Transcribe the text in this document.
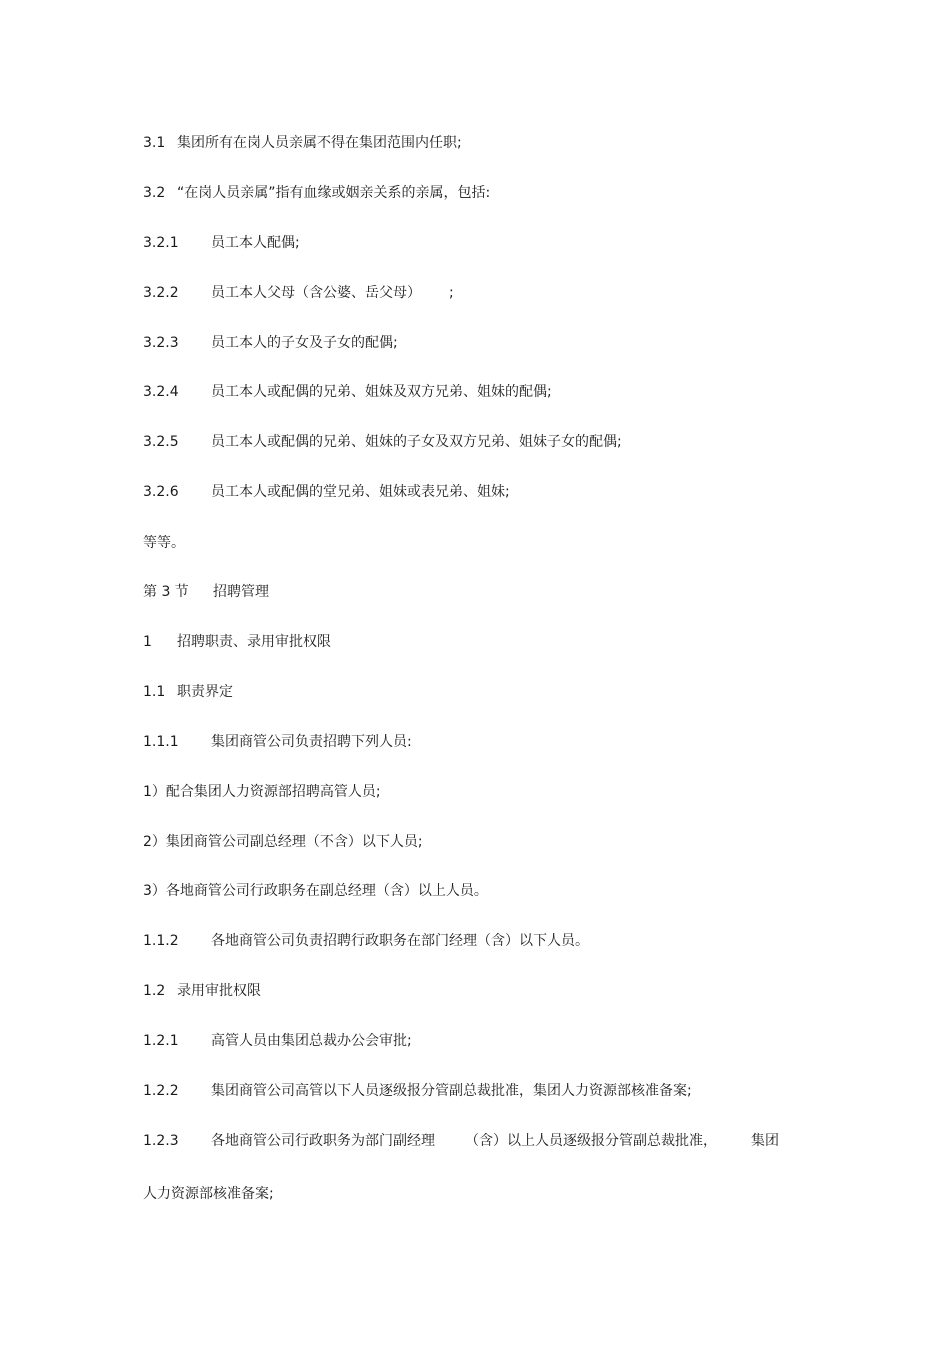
3.1 集团所有在岗人员亲属不得在集团范围内任职;
3.2 “在岗人员亲属”指有血缘或姻亲关系的亲属，包括:
3.2.1 员工本人配偶;
3.2.2 员工本人父母（含公婆、岳父母） ;
3.2.3 员工本人的子女及子女的配偶;
3.2.4 员工本人或配偶的兄弟、姐妹及双方兄弟、姐妹的配偶;
3.2.5 员工本人或配偶的兄弟、姐妹的子女及双方兄弟、姐妹子女的配偶;
3.2.6 员工本人或配偶的堂兄弟、姐妹或表兄弟、姐妹;
等等。
第 3 节 招聘管理
1 招聘职责、录用审批权限
1.1 职责界定
1.1.1 集团商管公司负责招聘下列人员:
1）配合集团人力资源部招聘高管人员;
2）集团商管公司副总经理（不含）以下人员;
3）各地商管公司行政职务在副总经理（含）以上人员。
1.1.2 各地商管公司负责招聘行政职务在部门经理（含）以下人员。
1.2 录用审批权限
1.2.1 高管人员由集团总裁办公会审批;
1.2.2 集团商管公司高管以下人员逐级报分管副总裁批准，集团人力资源部核准备案;
1.2.3 各地商管公司行政职务为部门副经理 （含）以上人员逐级报分管副总裁批准， 集团
人力资源部核准备案;
